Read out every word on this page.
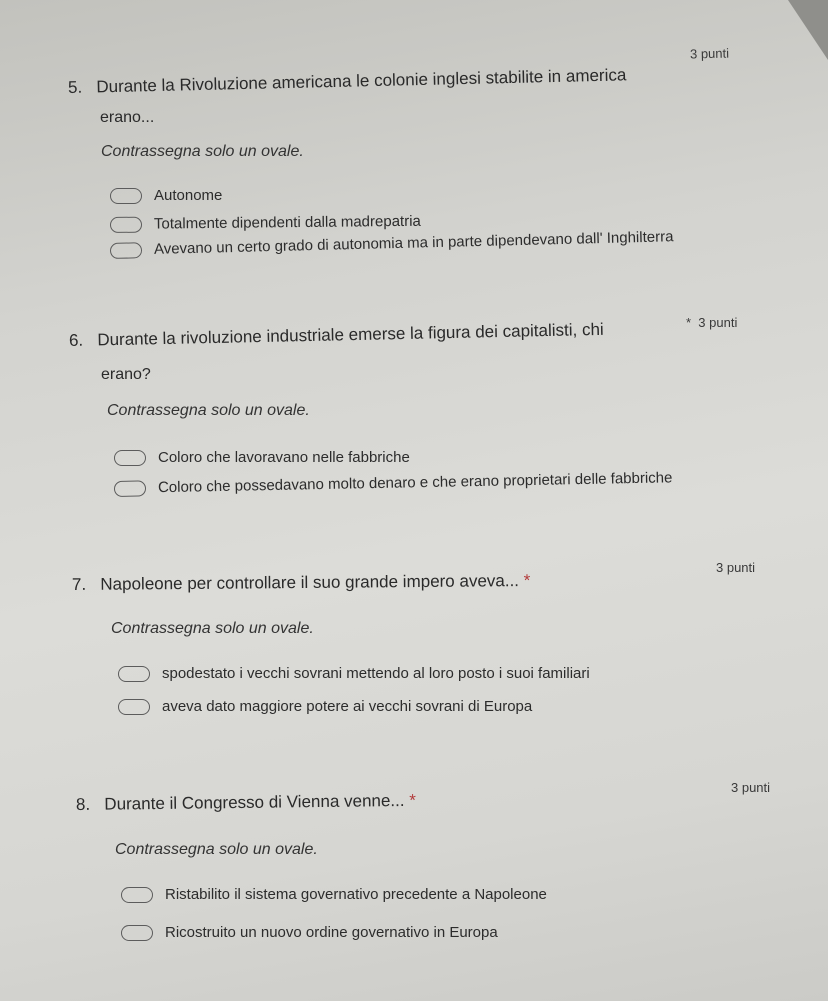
5. Durante la Rivoluzione americana le colonie inglesi stabilite in america
3 punti
erano...
Contrassegna solo un ovale.
Autonome
Totalmente dipendenti dalla madrepatria
Avevano un certo grado di autonomia ma in parte dipendevano dall' Inghilterra
6. Durante la rivoluzione industriale emerse la figura dei capitalisti, chi	* 3 punti
erano?
Contrassegna solo un ovale.
Coloro che lavoravano nelle fabbriche
Coloro che possedavano molto denaro e che erano proprietari delle fabbriche
7. Napoleone per controllare il suo grande impero aveva... *
3 punti
Contrassegna solo un ovale.
spodestato i vecchi sovrani mettendo al loro posto i suoi familiari
aveva dato maggiore potere ai vecchi sovrani di Europa
8. Durante il Congresso di Vienna venne... *
3 punti
Contrassegna solo un ovale.
Ristabilito il sistema governativo precedente a Napoleone
Ricostruito un nuovo ordine governativo in Europa
